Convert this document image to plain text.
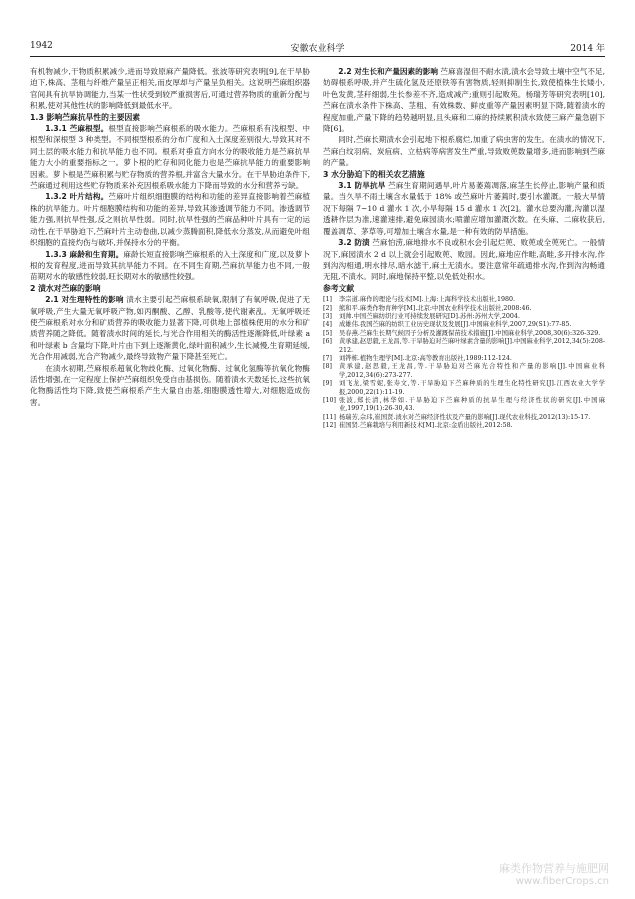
1942	安徽农业科学	2014 年

有机物减少,干物质积累减少,进而导致原麻产量降低。张波等研究表明[9],在干旱胁迫下,株高、茎粗与纤维产量呈正相关,而皮厚却与产量呈负相关。这说明苎麻组织器官间具有抗旱协调能力,当某一性状受到较严重损害后,可通过营养物质的重新分配与积累,使对其他性状的影响降低到最低水平。

1.3 影响苎麻抗旱性的主要因素

1.3.1 苎麻根型。根型直接影响苎麻根系的吸水能力。苎麻根系有浅根型、中根型和深根型 3 种类型。不同根型根系的分布广度和入土深度差别很大,导致其对不同土层的吸水能力和抗旱能力也不同。根系对垂直方向水分的吸收能力是苎麻抗旱能力大小的重要指标之一。萝卜根的贮存和同化能力也是苎麻抗旱能力的重要影响因素。萝卜根是苎麻积累与贮存物质的营养根,并富含大量水分。在干旱胁迫条件下,苎麻通过利用这些贮存物质来补充因根系吸水能力下降而导致的水分和营养亏缺。

1.3.2 叶片结构。苎麻叶片组织细胞膜的结构和功能的差异直接影响着苎麻植株的抗旱能力。叶片细胞膜结构和功能的差异,导致其渗透调节能力不同。渗透调节能力强,则抗旱性强,反之则抗旱性弱。同时,抗旱性强的苎麻品种叶片具有一定的运动性,在干旱胁迫下,苎麻叶片主动卷曲,以减少蒸腾面积,降低水分蒸发,从而避免叶组织细胞的直接灼伤与破坏,并保持水分的平衡。

1.3.3 麻龄和生育期。麻龄长短直接影响苎麻根系的入土深度和广度,以及萝卜根的发育程度,进而导致其抗旱能力不同。在不同生育期,苎麻抗旱能力也不同,一般苗期对水的敏感性较弱,旺长期对水的敏感性较强。

2 渍水对苎麻的影响

2.1 对生理特性的影响 渍水主要引起苎麻根系缺氧,限制了有氧呼吸,促进了无氧呼吸,产生大量无氧呼吸产物,如丙酮酸、乙醇、乳酸等,使代谢紊乱。无氧呼吸还使苎麻根系对水分和矿质营养的吸收能力显著下降,可供地上部植株使用的水分和矿质营养随之降低。随着渍水时间的延长,与光合作用相关的酶活性逐渐降低,叶绿素 a 和叶绿素 b 含量均下降,叶片由下到上逐渐黄化,绿叶面积减少,生长减慢,生育期延缓,光合作用减弱,光合产物减少,最终导致物产量下降甚至死亡。

在渍水初期,苎麻根系超氧化物歧化酶、过氧化物酶、过氧化氢酶等抗氧化物酶活性增强,在一定程度上保护苎麻组织免受自由基损伤。随着渍水天数延长,这些抗氧化物酶活性均下降,致使苎麻根系产生大量自由基,细胞膜透性增大,对细胞造成伤害。

2.2 对生长和产量因素的影响 苎麻喜湿但不耐水渍,渍水会导致土壤中空气不足,妨碍根系呼吸,并产生硫化氢及还原铁等有害物质,轻则抑制生长,致使植株生长矮小,叶色发黄,茎秆细弱,生长参差不齐,造成减产;重则引起败苑。杨瑞芳等研究表明[10],苎麻在渍水条件下株高、茎粗、有效株数、鲜皮重等产量因素明显下降,随着渍水的程度加重,产量下降的趋势越明显,且头麻和二麻的持续累积渍水致使三麻产量急剧下降[6]。

同时,苎麻长期渍水会引起地下根系腐烂,加重了病虫害的发生。在渍水的情况下,苎麻白纹羽病、炭疽病、立枯病等病害发生严重,导致败蔸数量增多,进而影响到苎麻的产量。

3 水分胁迫下的相关农艺措施

3.1 防旱抗旱 苎麻生育期间遇旱,叶片易萎蔫凋落,麻茎生长停止,影响产量和质量。当久旱不雨土壤含水量低于 18% 或苎麻叶片萎蔫时,要引水灌溉。一般大旱情况下每隔 7~10 d 灌水 1 次,小旱每隔 15 d 灌水 1 次[2]。灌水总要沟灌,沟灌以湿透耕作层为准,速灌速排,避免麻园渍水;喷灌应增加灌溉次数。在头麻、二麻收获后,覆盖凋草、茅草等,可增加土壤含水量,是一种有效的防旱措施。

3.2 防渍 苎麻怕涝,麻地排水不良或积水会引起烂蔸、败蔸或全蔸死亡。一般情况下,麻园渍水 2 d 以上就会引起败蔸、败园。因此,麻地应作畦,高畦,多开排水沟,作到沟沟相通,明水排尽,暗水滤干,麻土无渍水。要注意常年疏通排水沟,作到沟沟畅通无阻,不渍水。同时,麻地保持平整,以免低处积水。

参考文献

[1]	李宗道.麻作的理论与技术[M].上海:上海科学技术出版社,1980.
[2]	熊和平.麻类作物育种学[M].北京:中国农业科学技术出版社,2008:46.
[3]	刘帅.中国苎麻纺织行业可持续发展研究[D].苏州:苏州大学,2004.
[4]	成雄伟.我国苎麻的纺织工业历史现状及发展[J].中国麻业科学,2007,29(S1):77-85.
[5]	吴春燕.苎麻生长期气候因子分析及灌溉保苗技术措施[J].中国麻业科学,2008,30(6):326-329.
[6]	黄承建,赵思毅,王龙昌,等.干旱胁迫对苎麻叶绿素含量的影响[J].中国麻业科学,2012,34(5):208-212.
[7]	刘铧栋.植物生理学[M].北京:高等教育出版社,1989:112-124.
[8]	黄承建,赵思毅,王龙昌,等.干旱胁迫对苎麻光合特性和产量的影响[J].中国麻业科学,2012,34(6):273-277.
[9]	刘飞龙,梁雪妮,张寿文,等.干旱胁迫下苎麻种质的生理生化特性研究[J].江西农业大学学报,2000,22(1):11-19.
[10] 张波,郑长清,林华如.干旱胁迫下苎麻种质的抗旱生理与经济性状的研究[J].中国麻业,1997,19(1):26-30,43.
[11] 杨瑞芳,佘玮,崔国贤.渍水对苎麻经济性状及产量的影响[J].现代农业科技,2012(13):15-17.
[12] 崔国贤.苎麻栽培与利用新技术[M].北京:金盾出版社,2012:58.
麻类作物营养与施肥网
www.fiberCrops.cn
